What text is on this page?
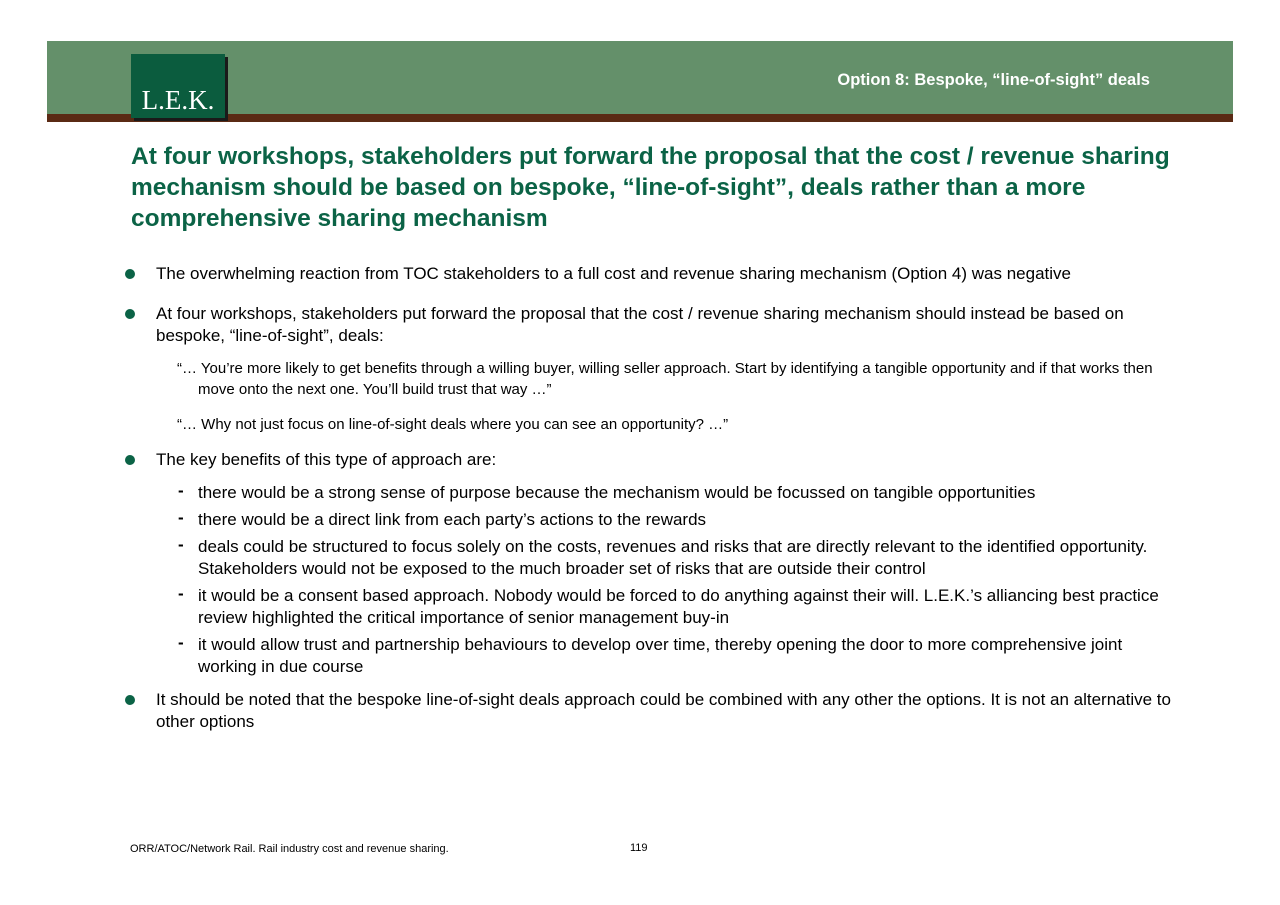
L.E.K.
Option 8: Bespoke, “line-of-sight” deals
At four workshops, stakeholders put forward the proposal that the cost / revenue sharing mechanism should be based on bespoke, “line-of-sight”, deals rather than a more comprehensive sharing mechanism
The overwhelming reaction from TOC stakeholders to a full cost and revenue sharing mechanism (Option 4) was negative
At four workshops, stakeholders put forward the proposal that the cost / revenue sharing mechanism should instead be based on bespoke, “line-of-sight”, deals:
“… You’re more likely to get benefits through a willing buyer, willing seller approach. Start by identifying a tangible opportunity and if that works then move onto the next one. You’ll build trust that way …”
“… Why not just focus on line-of-sight deals where you can see an opportunity? …”
The key benefits of this type of approach are:
- there would be a strong sense of purpose because the mechanism would be focussed on tangible opportunities
- there would be a direct link from each party’s actions to the rewards
- deals could be structured to focus solely on the costs, revenues and risks that are directly relevant to the identified opportunity. Stakeholders would not be exposed to the much broader set of risks that are outside their control
- it would be a consent based approach. Nobody would be forced to do anything against their will. L.E.K.’s alliancing best practice review highlighted the critical importance of senior management buy-in
- it would allow trust and partnership behaviours to develop over time, thereby opening the door to more comprehensive joint working in due course
It should be noted that the bespoke line-of-sight deals approach could be combined with any other the options. It is not an alternative to other options
ORR/ATOC/Network Rail. Rail industry cost and revenue sharing.	119
